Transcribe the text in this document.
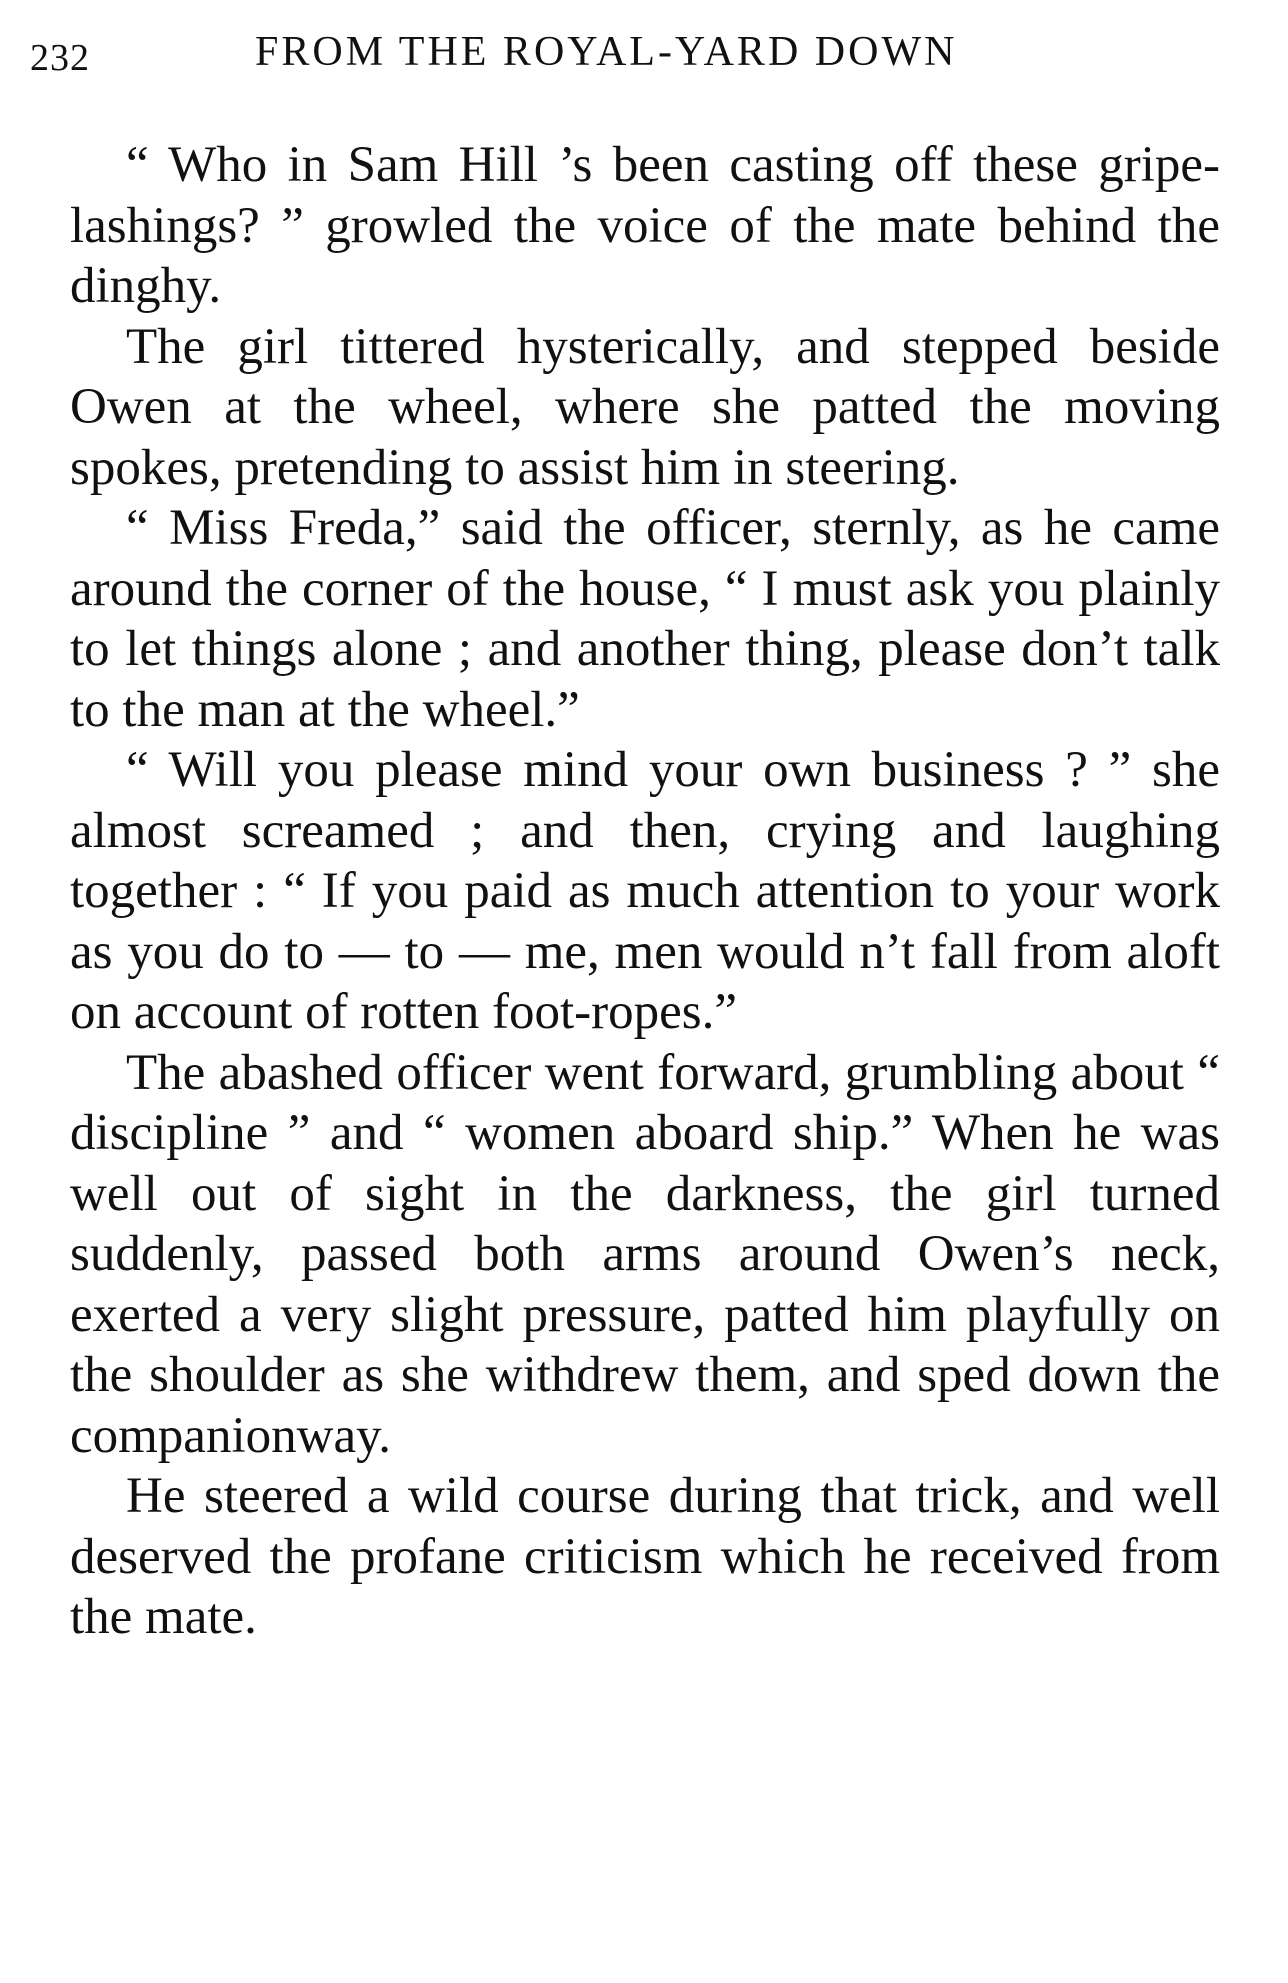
232	FROM THE ROYAL-YARD DOWN

“ Who in Sam Hill ’s been casting off these gripe-lashings? ” growled the voice of the mate behind the dinghy.

The girl tittered hysterically, and stepped beside Owen at the wheel, where she patted the moving spokes, pretending to assist him in steering.

“ Miss Freda,” said the officer, sternly, as he came around the corner of the house, “ I must ask you plainly to let things alone ; and another thing, please don’t talk to the man at the wheel.”

“ Will you please mind your own business ? ” she almost screamed ; and then, crying and laughing together : “ If you paid as much attention to your work as you do to — to — me, men would n’t fall from aloft on account of rotten foot-ropes.”

The abashed officer went forward, grumbling about “ discipline ” and “ women aboard ship.” When he was well out of sight in the darkness, the girl turned suddenly, passed both arms around Owen’s neck, exerted a very slight pressure, patted him playfully on the shoulder as she withdrew them, and sped down the companionway.

He steered a wild course during that trick, and well deserved the profane criticism which he received from the mate.
